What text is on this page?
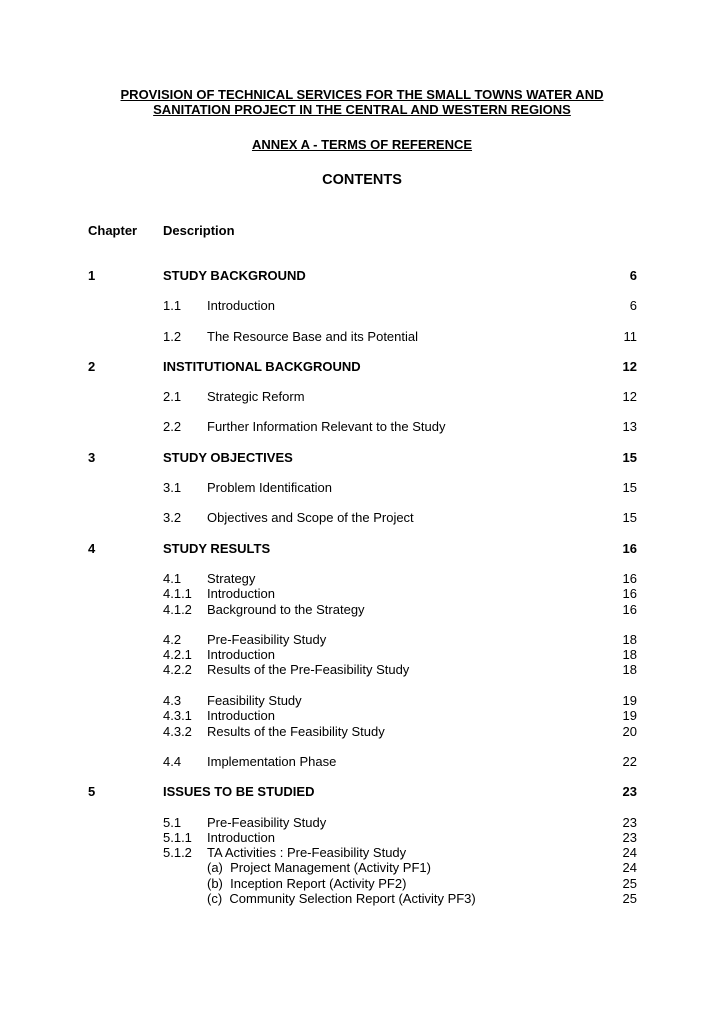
PROVISION OF TECHNICAL SERVICES FOR THE SMALL TOWNS WATER AND
SANITATION PROJECT IN THE CENTRAL AND WESTERN REGIONS
ANNEX A - TERMS OF REFERENCE
CONTENTS
Chapter Description
1	STUDY BACKGROUND	6
1.1 Introduction	6
1.2 The Resource Base and its Potential	11
2	INSTITUTIONAL BACKGROUND	12
2.1 Strategic Reform	12
2.2 Further Information Relevant to the Study	13
3	STUDY OBJECTIVES	15
3.1 Problem Identification	15
3.2 Objectives and Scope of the Project	15
4	STUDY RESULTS	16
4.1 Strategy	16
4.1.1 Introduction	16
4.1.2 Background to the Strategy	16
4.2 Pre-Feasibility Study	18
4.2.1 Introduction	18
4.2.2 Results of the Pre-Feasibility Study	18
4.3 Feasibility Study	19
4.3.1 Introduction	19
4.3.2 Results of the Feasibility Study	20
4.4 Implementation Phase	22
5	ISSUES TO BE STUDIED	23
5.1 Pre-Feasibility Study	23
5.1.1 Introduction	23
5.1.2 TA Activities : Pre-Feasibility Study	24
(a)  Project Management (Activity PF1)	24
(b)  Inception Report (Activity PF2)	25
(c)  Community Selection Report (Activity PF3)	25
